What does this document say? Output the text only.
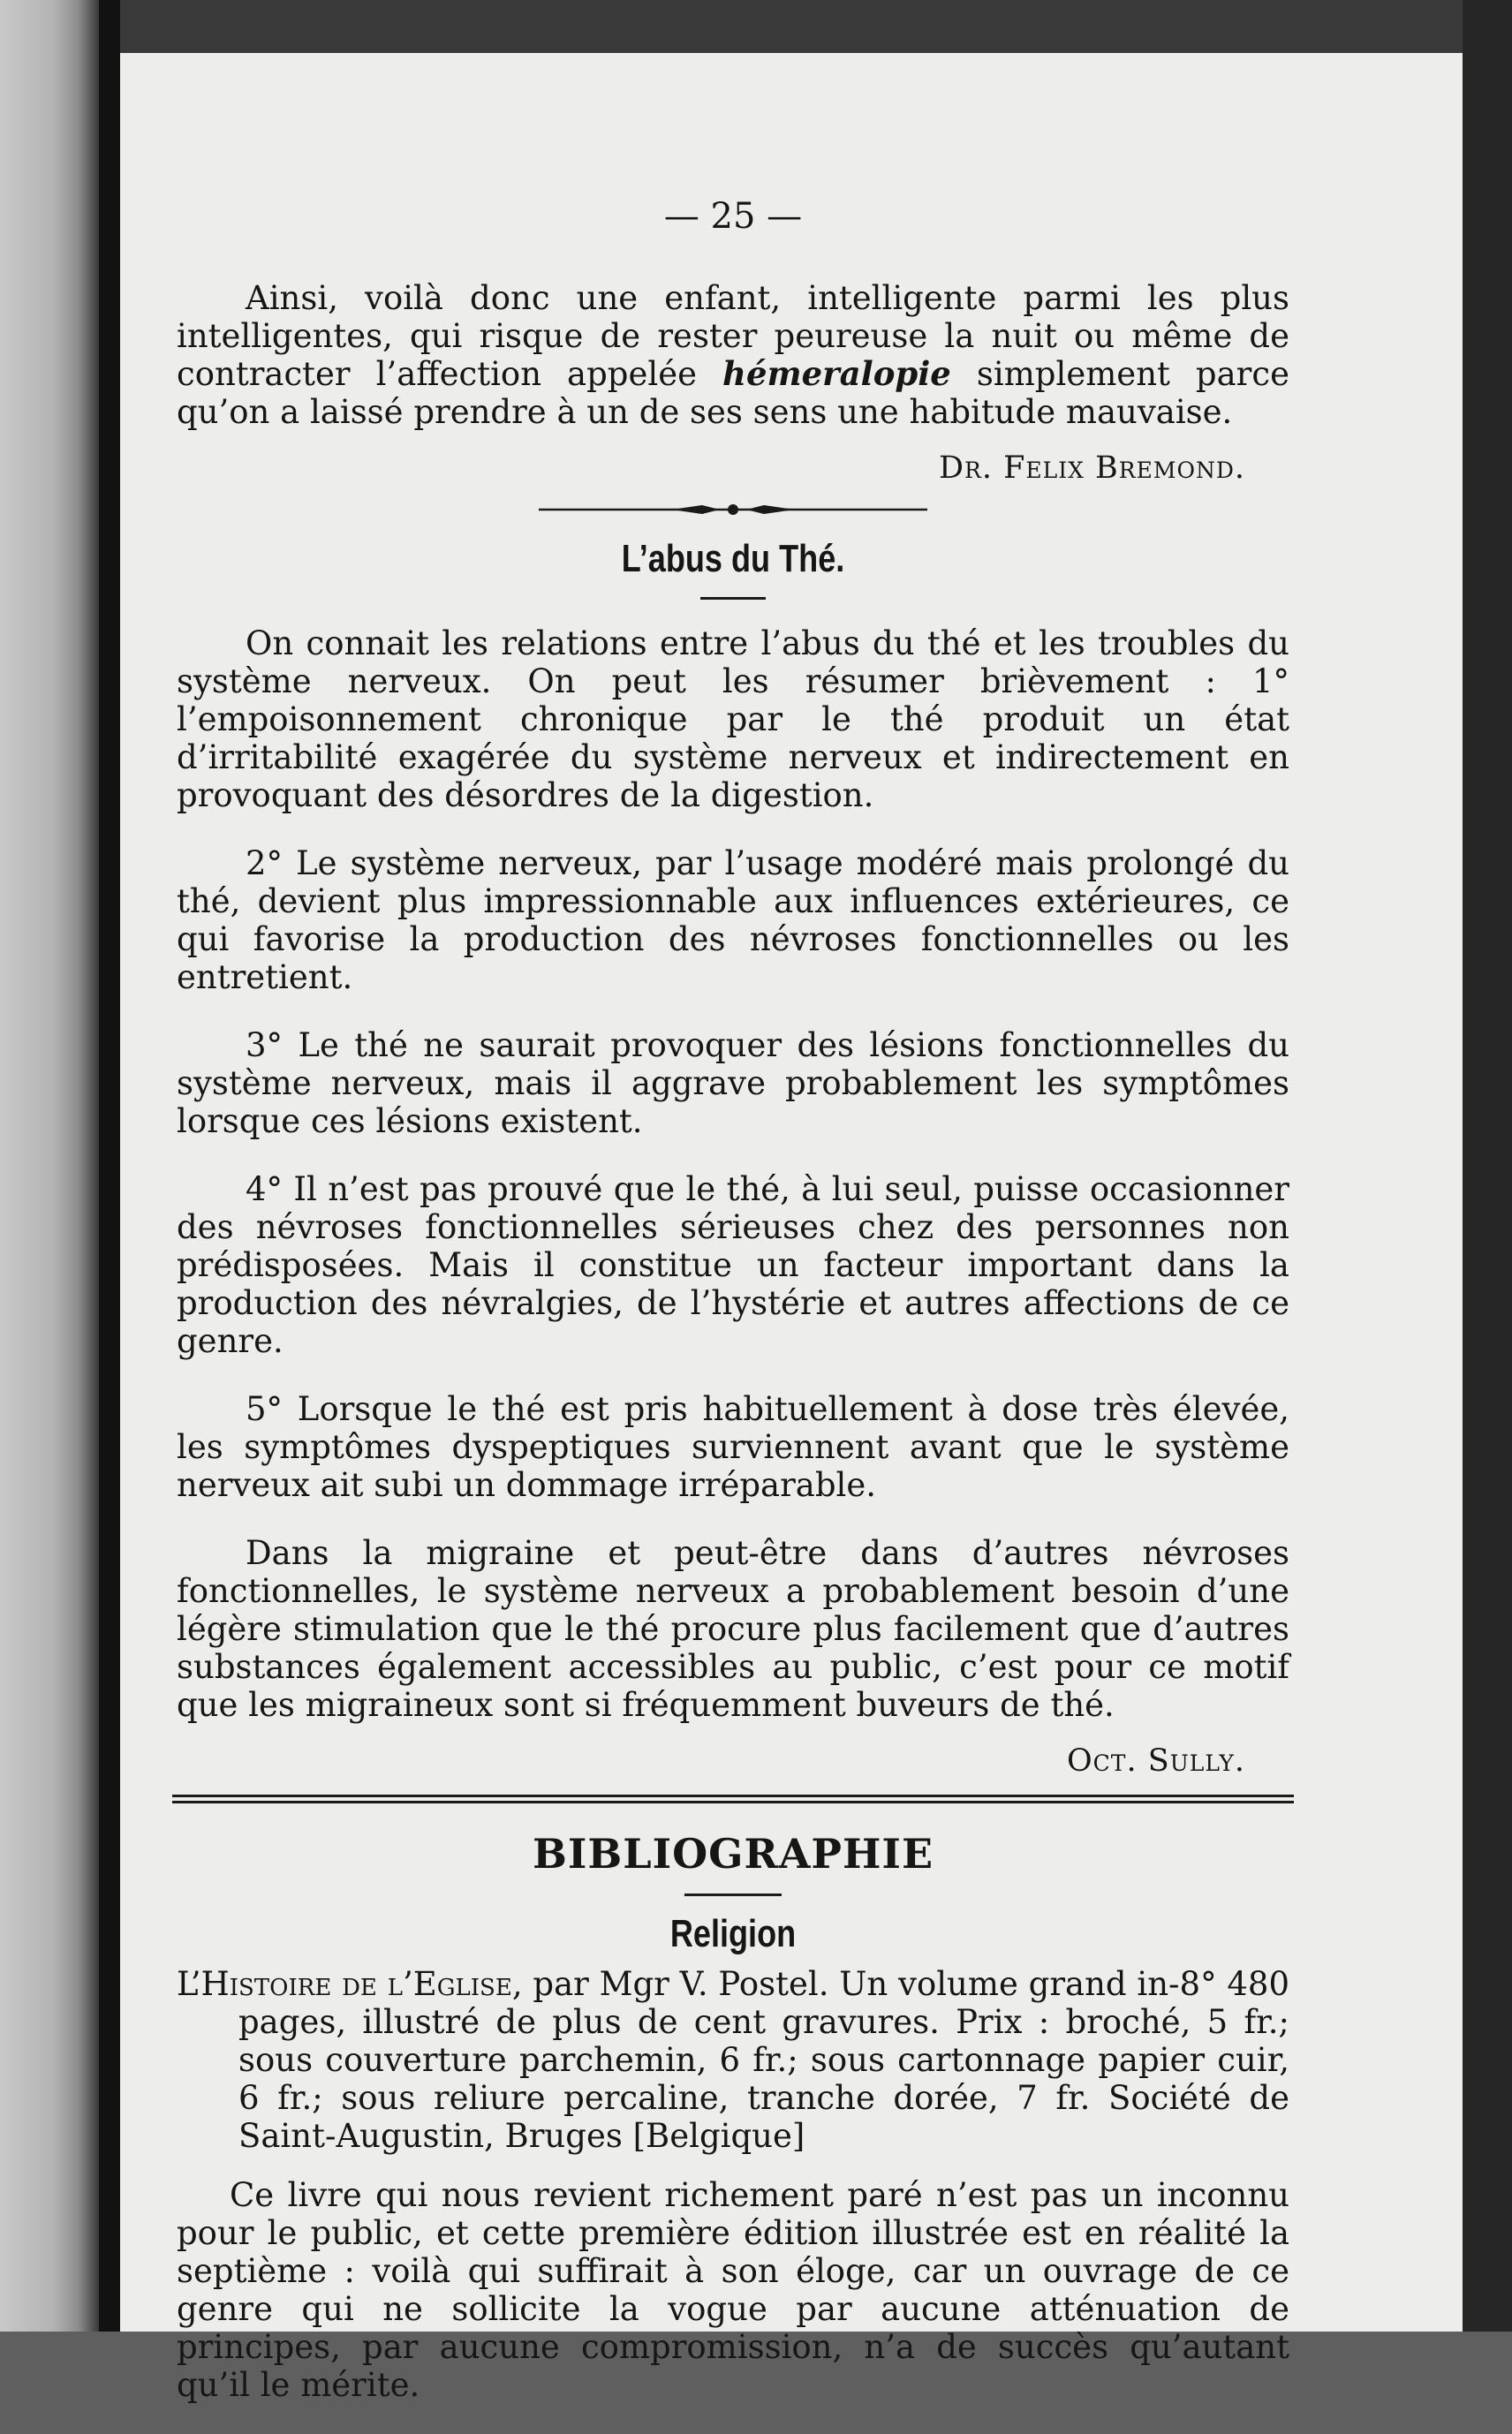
— 25 —

Ainsi, voilà donc une enfant, intelligente parmi les plus intelligentes, qui risque de rester peureuse la nuit ou même de contracter l’affection appelée hémeralopie simplement parce qu’on a laissé prendre à un de ses sens une habitude mauvaise.

Dr. Felix Bremond.
L’abus du Thé.

On connait les relations entre l’abus du thé et les troubles du système nerveux. On peut les résumer brièvement : 1° l’empoisonnement chronique par le thé produit un état d’irritabilité exagérée du système nerveux et indirectement en provoquant des désordres de la digestion.

2° Le système nerveux, par l’usage modéré mais prolongé du thé, devient plus impressionnable aux influences extérieures, ce qui favorise la production des névroses fonctionnelles ou les entretient.

3° Le thé ne saurait provoquer des lésions fonctionnelles du système nerveux, mais il aggrave probablement les symptômes lorsque ces lésions existent.

4° Il n’est pas prouvé que le thé, à lui seul, puisse occasionner des névroses fonctionnelles sérieuses chez des personnes non prédisposées. Mais il constitue un facteur important dans la production des névralgies, de l’hystérie et autres affections de ce genre.

5° Lorsque le thé est pris habituellement à dose très élevée, les symptômes dyspeptiques surviennent avant que le système nerveux ait subi un dommage irréparable.

Dans la migraine et peut-être dans d’autres névroses fonctionnelles, le système nerveux a probablement besoin d’une légère stimulation que le thé procure plus facilement que d’autres substances également accessibles au public, c’est pour ce motif que les migraineux sont si fréquemment buveurs de thé.

Oct. Sully.
BIBLIOGRAPHIE
Religion

L’Histoire de l’Eglise, par Mgr V. Postel. Un volume grand in-8° 480 pages, illustré de plus de cent gravures. Prix : broché, 5 fr.; sous couverture parchemin, 6 fr.; sous cartonnage papier cuir, 6 fr.; sous reliure percaline, tranche dorée, 7 fr. Société de Saint-Augustin, Bruges [Belgique]

Ce livre qui nous revient richement paré n’est pas un inconnu pour le public, et cette première édition illustrée est en réalité la septième : voilà qui suffirait à son éloge, car un ouvrage de ce genre qui ne sollicite la vogue par aucune atténuation de principes, par aucune compromission, n’a de succès qu’autant qu’il le mérite.
